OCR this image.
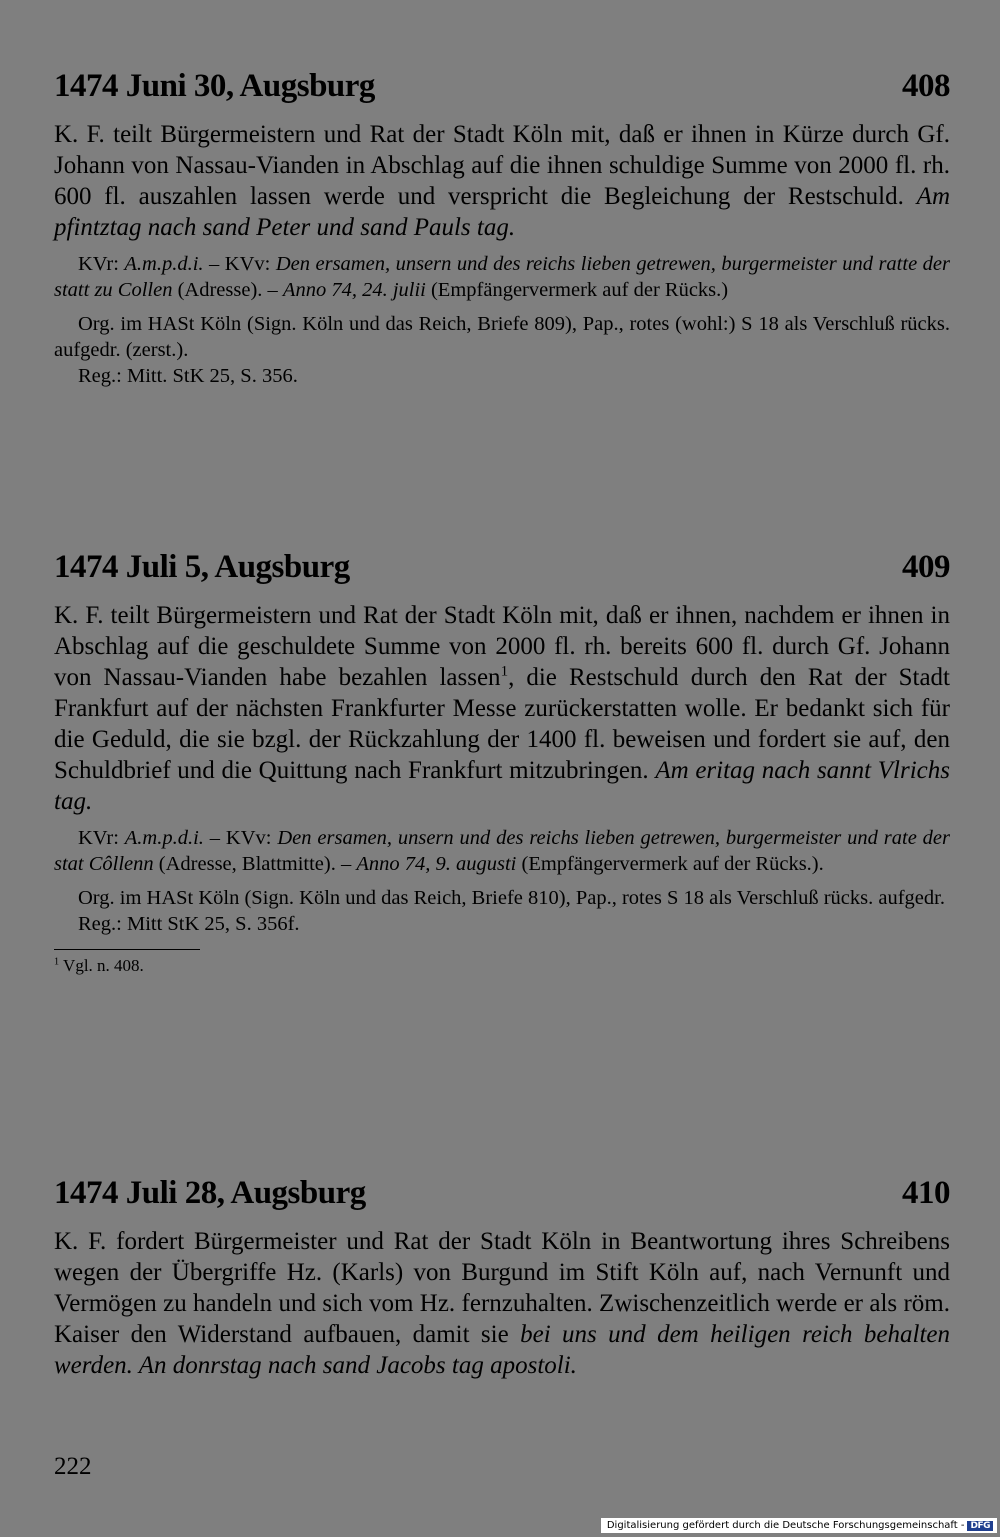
1474 Juni 30, Augsburg	408
K. F. teilt Bürgermeistern und Rat der Stadt Köln mit, daß er ihnen in Kürze durch Gf. Johann von Nassau-Vianden in Abschlag auf die ihnen schuldige Summe von 2000 fl. rh. 600 fl. auszahlen lassen werde und verspricht die Begleichung der Restschuld. Am pfintztag nach sand Peter und sand Pauls tag.
KVr: A.m.p.d.i. – KVv: Den ersamen, unsern und des reichs lieben getrewen, burgermeister und ratte der statt zu Collen (Adresse). – Anno 74, 24. julii (Empfängervermerk auf der Rücks.)
Org. im HASt Köln (Sign. Köln und das Reich, Briefe 809), Pap., rotes (wohl:) S 18 als Verschluß rücks. aufgedr. (zerst.).
Reg.: Mitt. StK 25, S. 356.
1474 Juli 5, Augsburg	409
K. F. teilt Bürgermeistern und Rat der Stadt Köln mit, daß er ihnen, nachdem er ihnen in Abschlag auf die geschuldete Summe von 2000 fl. rh. bereits 600 fl. durch Gf. Johann von Nassau-Vianden habe bezahlen lassen$^1$, die Restschuld durch den Rat der Stadt Frankfurt auf der nächsten Frankfurter Messe zurückerstatten wolle. Er bedankt sich für die Geduld, die sie bzgl. der Rückzahlung der 1400 fl. beweisen und fordert sie auf, den Schuldbrief und die Quittung nach Frankfurt mitzubringen. Am eritag nach sannt Vlrichs tag.
KVr: A.m.p.d.i. – KVv: Den ersamen, unsern und des reichs lieben getrewen, burgermeister und rate der stat Côllenn (Adresse, Blattmitte). – Anno 74, 9. augusti (Empfängervermerk auf der Rücks.).
Org. im HASt Köln (Sign. Köln und das Reich, Briefe 810), Pap., rotes S 18 als Verschluß rücks. aufgedr.
Reg.: Mitt StK 25, S. 356f.
$^1$ Vgl. n. 408.
1474 Juli 28, Augsburg	410
K. F. fordert Bürgermeister und Rat der Stadt Köln in Beantwortung ihres Schreibens wegen der Übergriffe Hz. (Karls) von Burgund im Stift Köln auf, nach Vernunft und Vermögen zu handeln und sich vom Hz. fernzuhalten. Zwischenzeitlich werde er als röm. Kaiser den Widerstand aufbauen, damit sie bei uns und dem heiligen reich behalten werden. An donrstag nach sand Jacobs tag apostoli.
222
Digitalisierung gefördert durch die Deutsche Forschungsgemeinschaft - DFG
